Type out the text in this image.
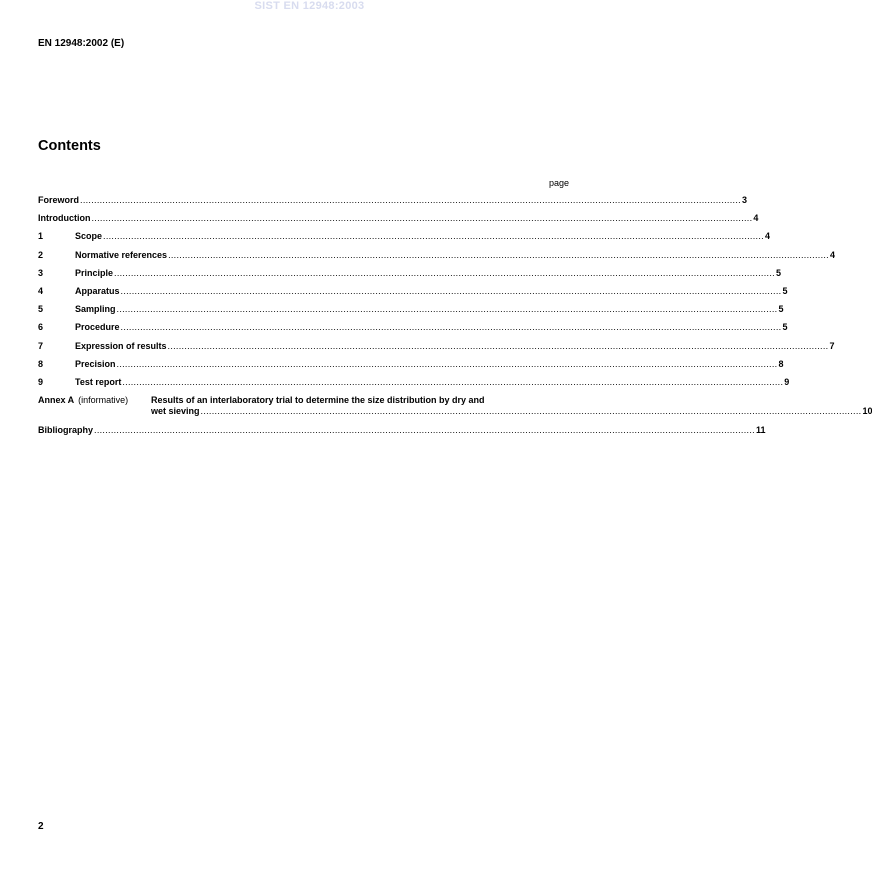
SIST EN 12948:2003
EN 12948:2002 (E)
Contents
page
Foreword .....	3
Introduction .....	4
1	Scope .....	4
2	Normative references .....	4
3	Principle .....	5
4	Apparatus .....	5
5	Sampling .....	5
6	Procedure .....	5
7	Expression of results .....	7
8	Precision .....	8
9	Test report .....	9
Annex A (informative)	Results of an interlaboratory trial to determine the size distribution by dry and
wet sieving .....	10
Bibliography .....	11
2
